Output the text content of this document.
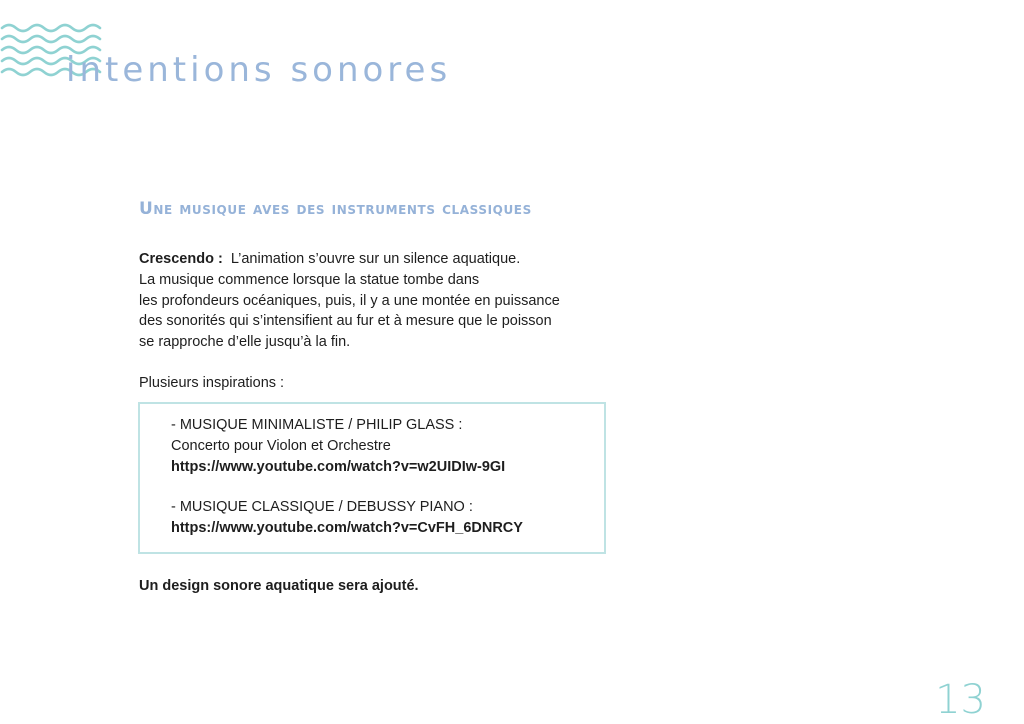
intentions sonores
Une musique aves des instruments classiques
Crescendo : L’animation s’ouvre sur un silence aquatique.
La musique commence lorsque la statue tombe dans
les profondeurs océaniques, puis, il y a une montée en puissance
des sonorités qui s’intensifient au fur et à mesure que le poisson
se rapproche d’elle jusqu’à la fin.

Plusieurs inspirations :

- MUSIQUE MINIMALISTE / PHILIP GLASS :
Concerto pour Violon et Orchestre
https://www.youtube.com/watch?v=w2UIDIw-9GI
- MUSIQUE CLASSIQUE / DEBUSSY PIANO :
https://www.youtube.com/watch?v=CvFH_6DNRCY

Un design sonore aquatique sera ajouté.

13
